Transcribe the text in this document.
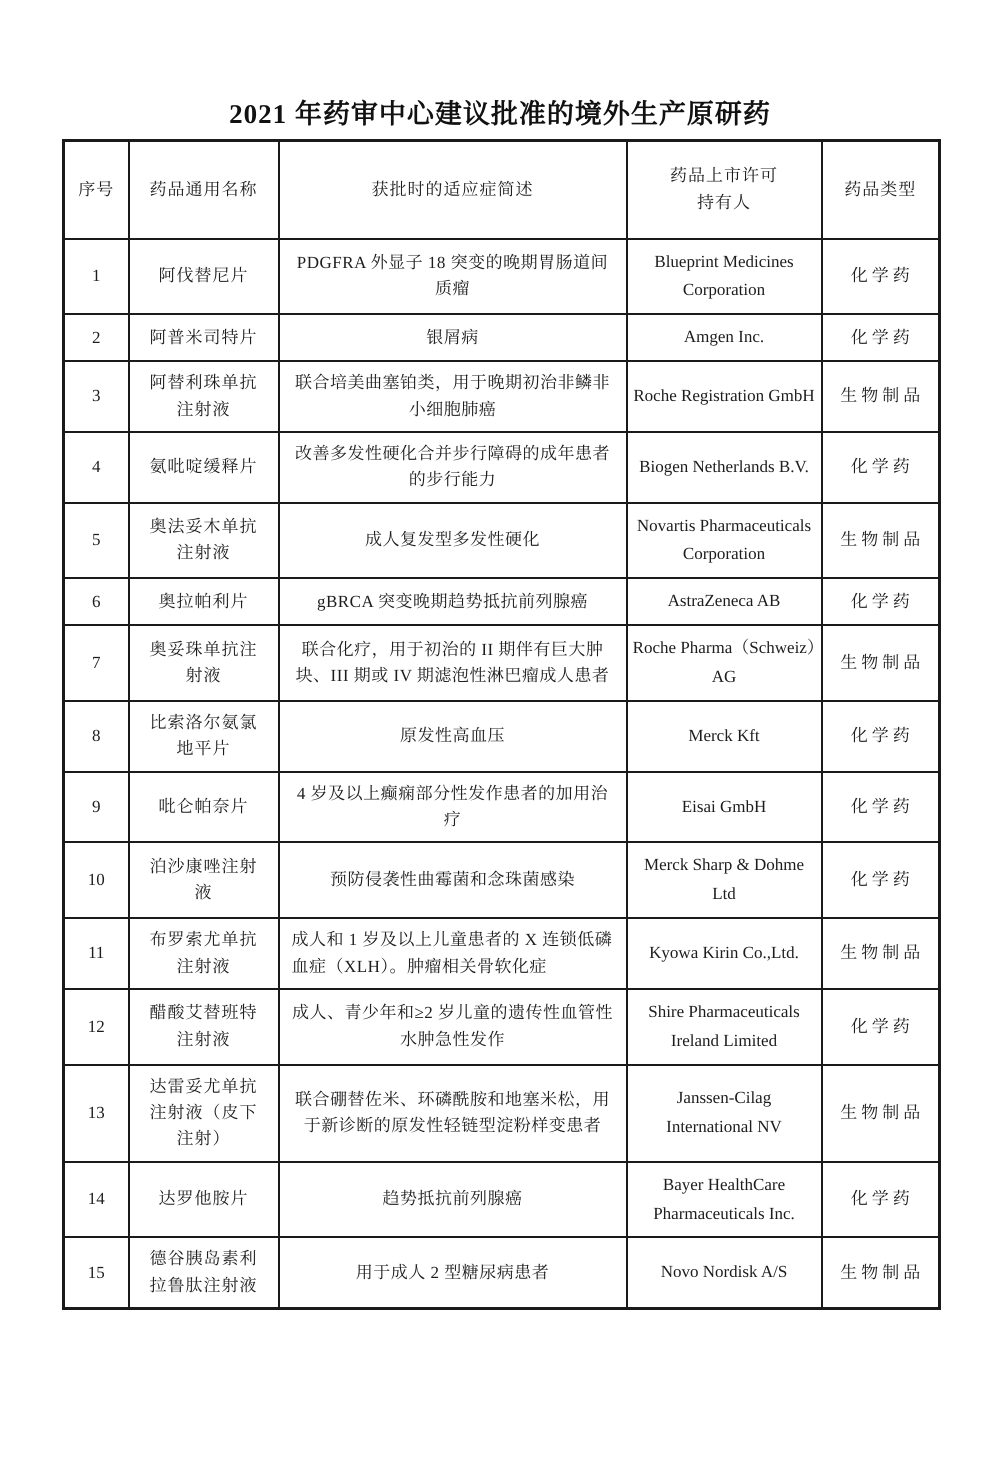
2021 年药审中心建议批准的境外生产原研药
序号	药品通用名称	获批时的适应症简述	药品上市许可持有人	药品类型
1	阿伐替尼片	PDGFRA 外显子 18 突变的晚期胃肠道间质瘤	Blueprint Medicines Corporation	化学药
2	阿普米司特片	银屑病	Amgen Inc.	化学药
3	阿替利珠单抗注射液	联合培美曲塞铂类，用于晚期初治非鳞非小细胞肺癌	Roche Registration GmbH	生物制品
4	氨吡啶缓释片	改善多发性硬化合并步行障碍的成年患者的步行能力	Biogen Netherlands B.V.	化学药
5	奥法妥木单抗注射液	成人复发型多发性硬化	Novartis Pharmaceuticals Corporation	生物制品
6	奥拉帕利片	gBRCA 突变晚期趋势抵抗前列腺癌	AstraZeneca AB	化学药
7	奥妥珠单抗注射液	联合化疗，用于初治的 II 期伴有巨大肿块、III 期或 IV 期滤泡性淋巴瘤成人患者	Roche Pharma（Schweiz）AG	生物制品
8	比索洛尔氨氯地平片	原发性高血压	Merck Kft	化学药
9	吡仑帕奈片	4 岁及以上癫痫部分性发作患者的加用治疗	Eisai GmbH	化学药
10	泊沙康唑注射液	预防侵袭性曲霉菌和念珠菌感染	Merck Sharp & Dohme Ltd	化学药
11	布罗索尤单抗注射液	成人和 1 岁及以上儿童患者的 X 连锁低磷血症（XLH）。肿瘤相关骨软化症	Kyowa Kirin Co.,Ltd.	生物制品
12	醋酸艾替班特注射液	成人、青少年和≥2 岁儿童的遗传性血管性水肿急性发作	Shire Pharmaceuticals Ireland Limited	化学药
13	达雷妥尤单抗注射液（皮下注射）	联合硼替佐米、环磷酰胺和地塞米松，用于新诊断的原发性轻链型淀粉样变患者	Janssen-Cilag International NV	生物制品
14	达罗他胺片	趋势抵抗前列腺癌	Bayer HealthCare Pharmaceuticals Inc.	化学药
15	德谷胰岛素利拉鲁肽注射液	用于成人 2 型糖尿病患者	Novo Nordisk A/S	生物制品
